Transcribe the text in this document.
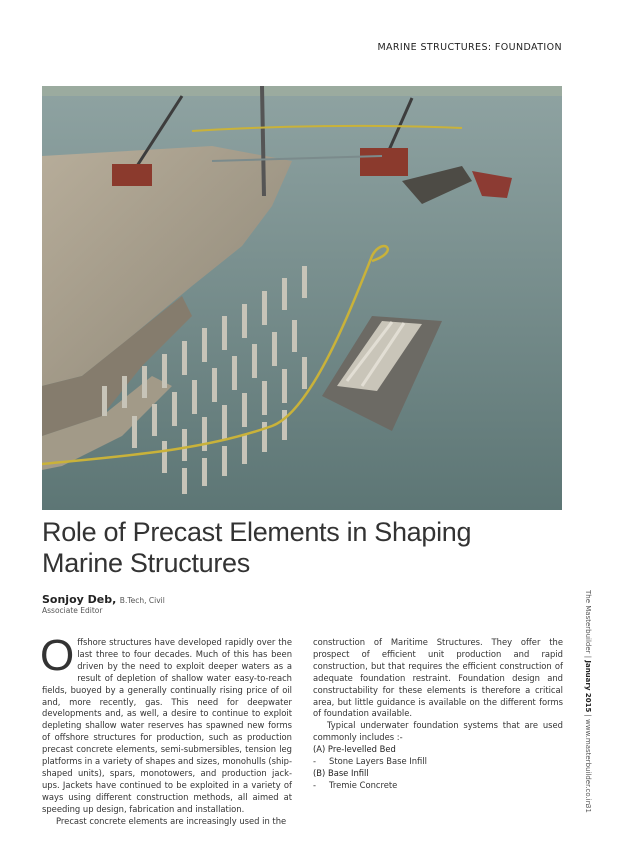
MARINE STRUCTURES: FOUNDATION
Role of Precast Elements in Shaping
Marine Structures
Sonjoy Deb, B.Tech, Civil
Associate Editor

Offshore structures have developed rapidly over the last three to four decades. Much of this has been driven by the need to exploit deeper waters as a result of depletion of shallow water easy-to-reach fields, buoyed by a generally continually rising price of oil and, more recently, gas. This need for deepwater developments and, as well, a desire to continue to exploit depleting shallow water reserves has spawned new forms of offshore structures for production, such as production precast concrete elements, semi-submersibles, tension leg platforms in a variety of shapes and sizes, monohulls (ship-shaped units), spars, monotowers, and production jack-ups. Jackets have continued to be exploited in a variety of ways using different construction methods, all aimed at speeding up design, fabrication and installation.

Precast concrete elements are increasingly used in the

construction of Maritime Structures. They offer the prospect of efficient unit production and rapid construction, but that requires the efficient construction of adequate foundation restraint. Foundation design and constructability for these elements is therefore a critical area, but little guidance is available on the different forms of foundation available.

Typical underwater foundation systems that are used commonly includes :-

(A) Pre-levelled Bed

- Stone Layers Base Infill

(B) Base Infill

- Tremie Concrete

The Masterbuilder | January 2015 | www.masterbuilder.co.in
31
